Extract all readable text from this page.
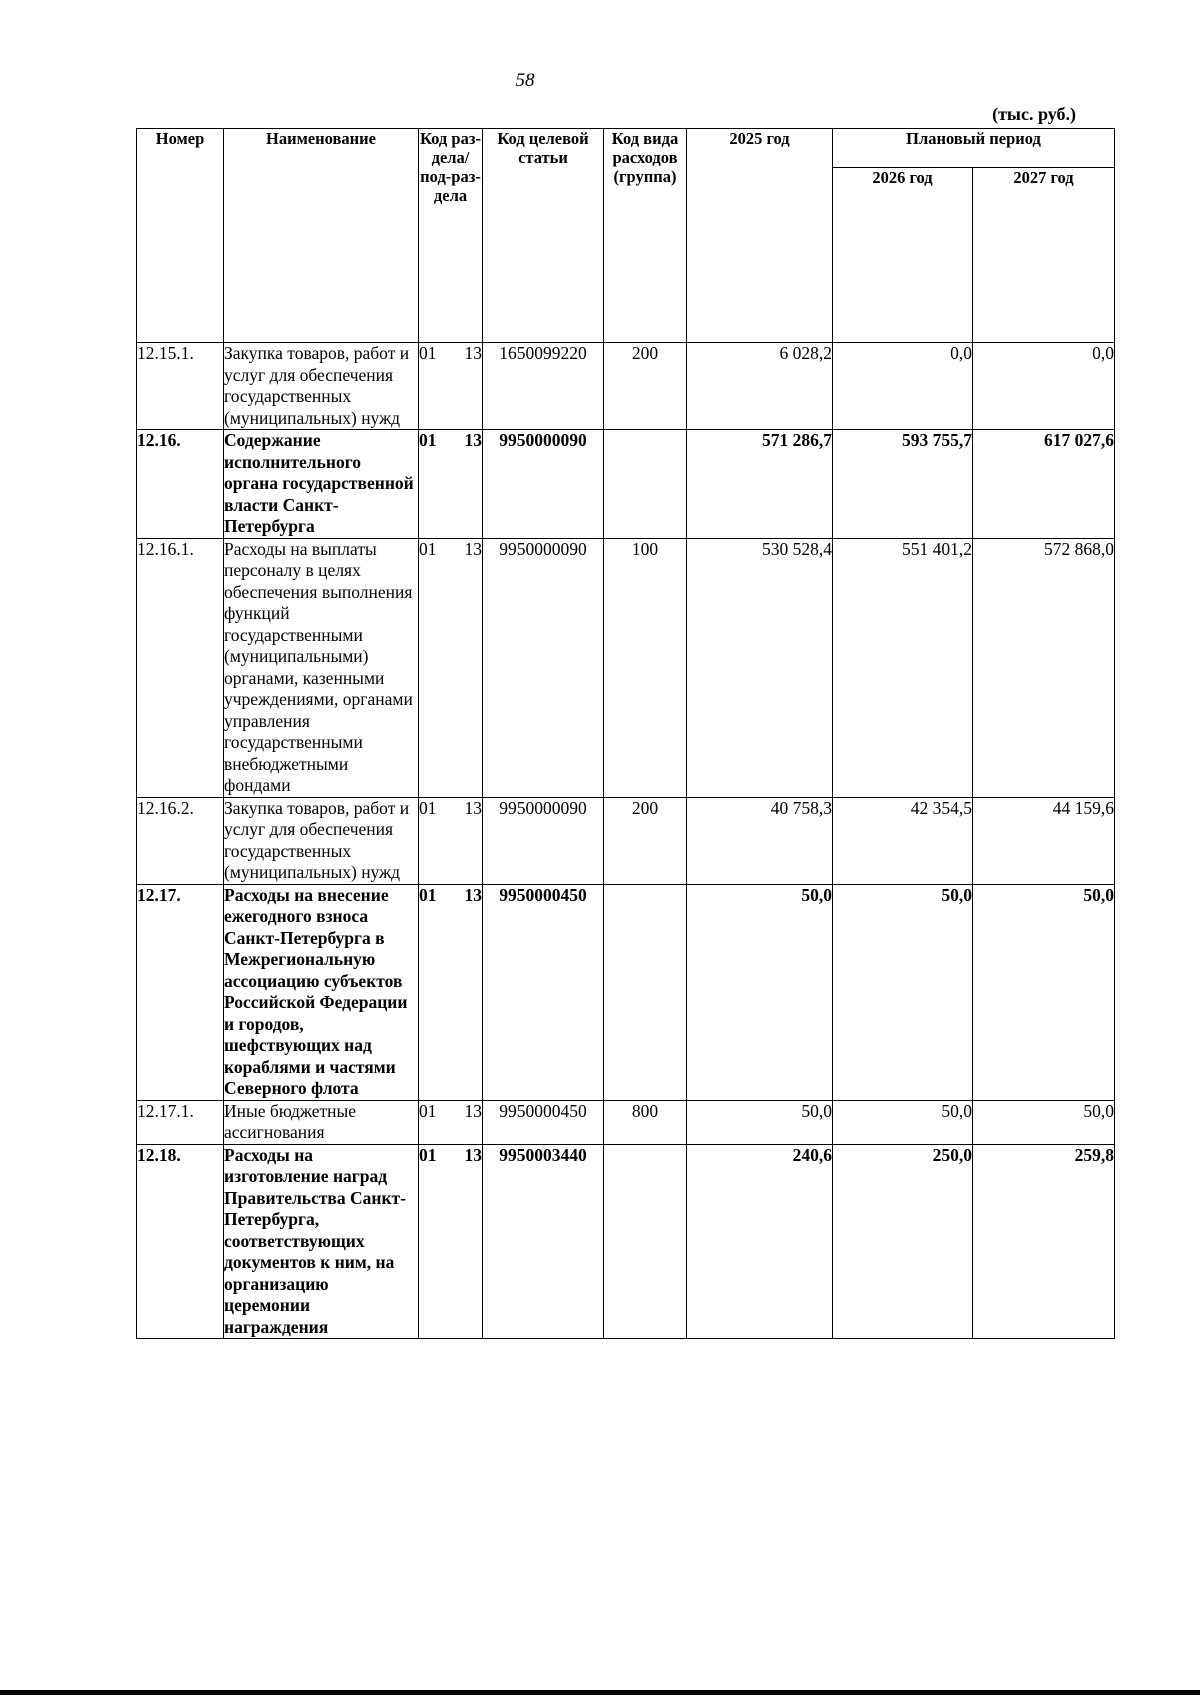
58
(тыс. руб.)
Номер	Наименование	Код раз-дела/ под-раз-дела	Код целевой статьи	Код вида расходов (группа)	2025 год	Плановый период	
						2026 год	2027 год
12.15.1.	Закупка товаров, работ и услуг для обеспечения государственных (муниципальных) нужд	01 13	1650099220	200	6 028,2	0,0	0,0
12.16.	Содержание исполнительного органа государственной власти Санкт-Петербурга	01 13	9950000090		571 286,7	593 755,7	617 027,6
12.16.1.	Расходы на выплаты персоналу в целях обеспечения выполнения функций государственными (муниципальными) органами, казенными учреждениями, органами управления государственными внебюджетными фондами	01 13	9950000090	100	530 528,4	551 401,2	572 868,0
12.16.2.	Закупка товаров, работ и услуг для обеспечения государственных (муниципальных) нужд	01 13	9950000090	200	40 758,3	42 354,5	44 159,6
12.17.	Расходы на внесение ежегодного взноса Санкт-Петербурга в Межрегиональную ассоциацию субъектов Российской Федерации и городов, шефствующих над кораблями и частями Северного флота	01 13	9950000450		50,0	50,0	50,0
12.17.1.	Иные бюджетные ассигнования	01 13	9950000450	800	50,0	50,0	50,0
12.18.	Расходы на изготовление наград Правительства Санкт-Петербурга, соответствующих документов к ним, на организацию церемонии награждения	01 13	9950003440		240,6	250,0	259,8
